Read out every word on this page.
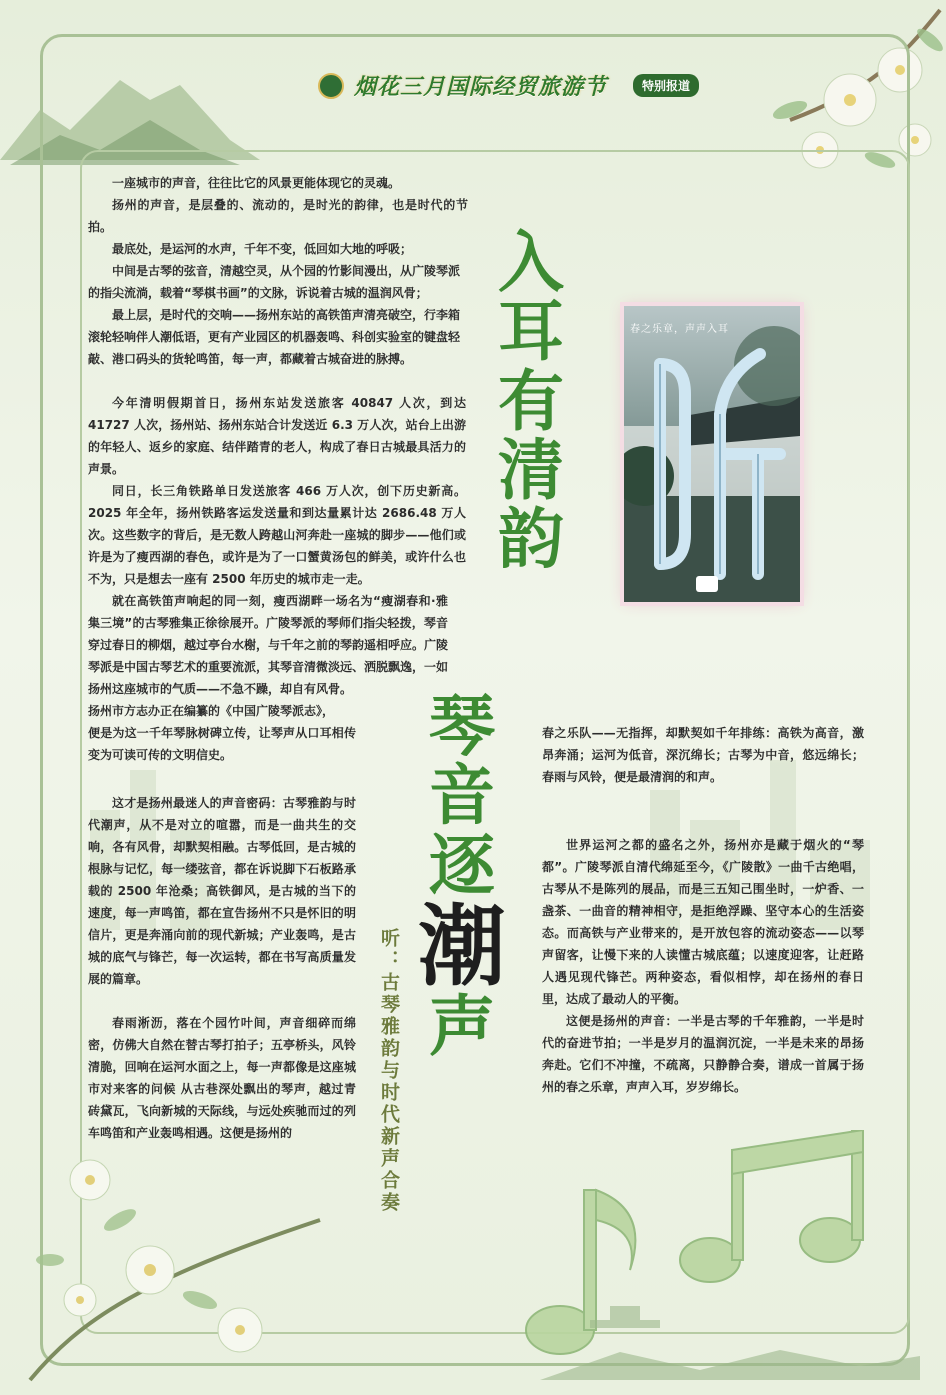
烟花三月国际经贸旅游节	特别报道

一座城市的声音，往往比它的风景更能体现它的灵魂。

扬州的声音，是层叠的、流动的，是时光的韵律，也是时代的节拍。

最底处，是运河的水声，千年不变，低回如大地的呼吸；

中间是古琴的弦音，清越空灵，从个园的竹影间漫出，从广陵琴派的指尖流淌，载着“琴棋书画”的文脉，诉说着古城的温润风骨；

最上层，是时代的交响——扬州东站的高铁笛声清亮破空，行李箱滚轮轻响伴人潮低语，更有产业园区的机器轰鸣、科创实验室的键盘轻敲、港口码头的货轮鸣笛，每一声，都藏着古城奋进的脉搏。

今年清明假期首日，扬州东站发送旅客 40847 人次，到达 41727 人次，扬州站、扬州东站合计发送近 6.3 万人次，站台上出游的年轻人、返乡的家庭、结伴踏青的老人，构成了春日古城最具活力的声景。

同日，长三角铁路单日发送旅客 466 万人次，创下历史新高。2025 年全年，扬州铁路客运发送量和到达量累计达 2686.48 万人次。这些数字的背后，是无数人跨越山河奔赴一座城的脚步——他们或许是为了瘦西湖的春色，或许是为了一口蟹黄汤包的鲜美，或许什么也不为，只是想去一座有 2500 年历史的城市走一走。

就在高铁笛声响起的同一刻，瘦西湖畔一场名为“瘦湖春和·雅集三境”的古琴雅集正徐徐展开。广陵琴派的琴师们指尖轻拨，琴音穿过春日的柳烟，越过亭台水榭，与千年之前的琴韵遥相呼应。广陵琴派是中国古琴艺术的重要流派，其琴音清微淡远、洒脱飘逸，一如扬州这座城市的气质——不急不躁，却自有风骨。

扬州市方志办正在编纂的《中国广陵琴派志》，

便是为这一千年琴脉树碑立传，让琴声从口耳相传变为可读可传的文明信史。

这才是扬州最迷人的声音密码：古琴雅韵与时代潮声，从不是对立的喧嚣，而是一曲共生的交响，各有风骨，却默契相融。古琴低回，是古城的根脉与记忆，每一缕弦音，都在诉说脚下石板路承载的 2500 年沧桑；高铁御风，是古城的当下的速度，每一声鸣笛，都在宣告扬州不只是怀旧的明信片，更是奔涌向前的现代新城；产业轰鸣，是古城的底气与锋芒，每一次运转，都在书写高质量发展的篇章。

春雨淅沥，落在个园竹叶间，声音细碎而绵密，仿佛大自然在替古琴打拍子；五亭桥头，风铃清脆，回响在运河水面之上，每一声都像是这座城市对来客的问候 从古巷深处飘出的琴声，越过青砖黛瓦，飞向新城的天际线，与远处疾驰而过的列车鸣笛和产业轰鸣相遇。这便是扬州的

春之乐队——无指挥，却默契如千年排练：高铁为高音，激昂奔涌；运河为低音，深沉绵长；古琴为中音，悠远绵长；春雨与风铃，便是最清润的和声。

世界运河之都的盛名之外，扬州亦是藏于烟火的“琴都”。广陵琴派自清代绵延至今，《广陵散》一曲千古绝唱，古琴从不是陈列的展品，而是三五知己围坐时，一炉香、一盏茶、一曲音的精神相守，是拒绝浮躁、坚守本心的生活姿态。而高铁与产业带来的，是开放包容的流动姿态——以琴声留客，让慢下来的人读懂古城底蕴；以速度迎客，让赶路人遇见现代锋芒。两种姿态，看似相悖，却在扬州的春日里，达成了最动人的平衡。

这便是扬州的声音：一半是古琴的千年雅韵，一半是时代的奋进节拍；一半是岁月的温润沉淀，一半是未来的昂扬奔赴。它们不冲撞，不疏离，只静静合奏，谱成一首属于扬州的春之乐章，声声入耳，岁岁绵长。

春之乐章，声声入耳
入
耳
有
清
韵
琴
音
逐
潮
声
听：古琴雅韵与时代新声合奏
